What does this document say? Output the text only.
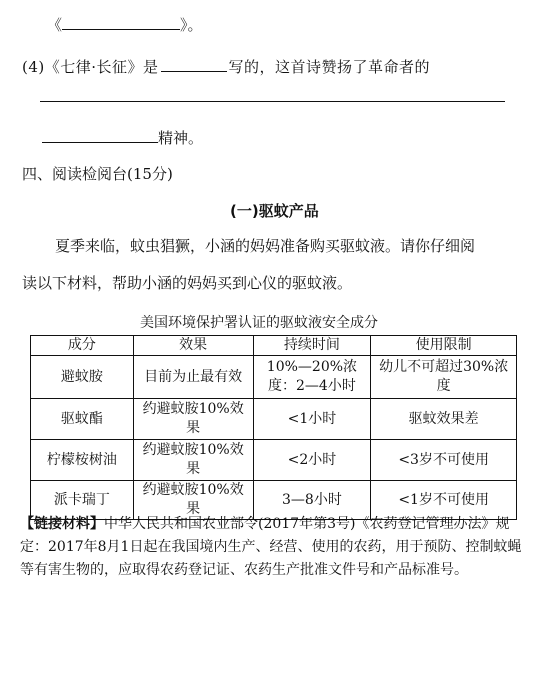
《	》。
(4)《七律·长征》是	写的，这首诗赞扬了革命者的
精神。
四、阅读检阅台(15分)
(一)驱蚊产品
夏季来临，蚊虫猖獗，小涵的妈妈准备购买驱蚊液。请你仔细阅
读以下材料，帮助小涵的妈妈买到心仪的驱蚊液。
美国环境保护署认证的驱蚊液安全成分
成分	效果	持续时间	使用限制
避蚊胺	目前为止最有效	10%—20%浓度：2—4小时	幼儿不可超过30%浓度
驱蚊酯	约避蚊胺10%效果	<1小时	驱蚊效果差
柠檬桉树油	约避蚊胺10%效果	<2小时	<3岁不可使用
派卡瑞丁	约避蚊胺10%效果	3—8小时	<1岁不可使用
【链接材料】中华人民共和国农业部令(2017年第3号)《农药登记管理办法》规定：2017年8月1日起在我国境内生产、经营、使用的农药，用于预防、控制蚊蝇等有害生物的，应取得农药登记证、农药生产批准文件号和产品标准号。
